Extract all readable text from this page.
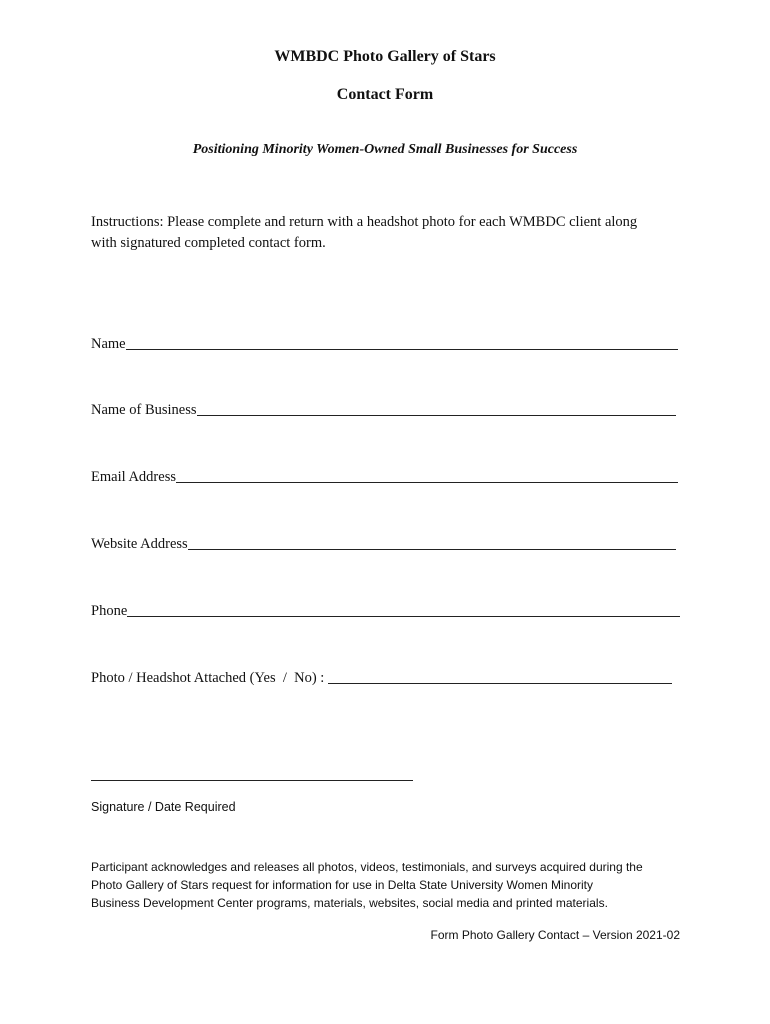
WMBDC Photo Gallery of Stars
Contact Form
Positioning Minority Women-Owned Small Businesses for Success
Instructions: Please complete and return with a headshot photo for each WMBDC client along
with signatured completed contact form.
Name
Name of Business
Email Address
Website Address
Phone
Photo / Headshot Attached (Yes  /  No) :
Signature / Date Required
Participant acknowledges and releases all photos, videos, testimonials, and surveys acquired during the
Photo Gallery of Stars request for information for use in Delta State University Women Minority
Business Development Center programs, materials, websites, social media and printed materials.
Form Photo Gallery Contact – Version 2021-02
